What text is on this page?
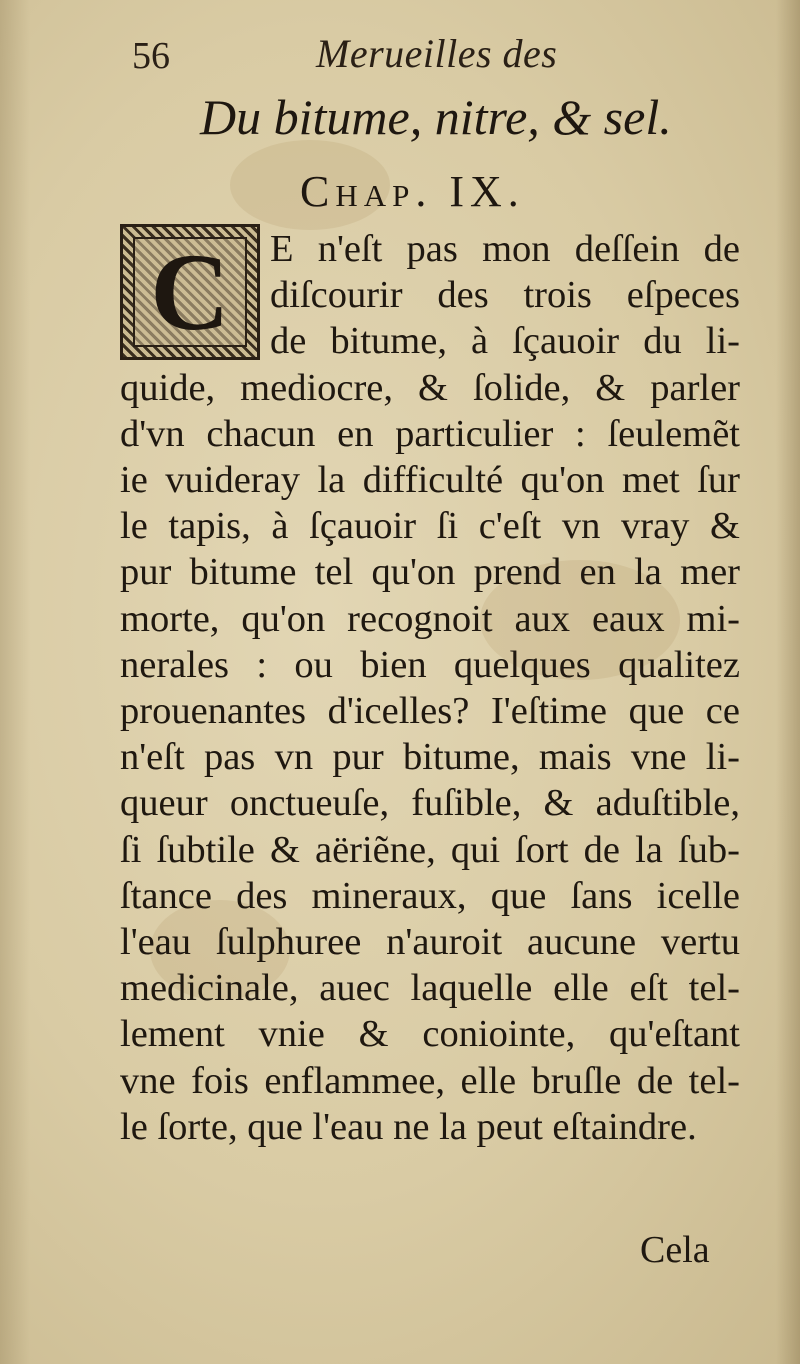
56	Merueilles des
Du bitume, nitre, & sel.
Chap. IX.
C	E n'eſt pas mon deſſein de
diſcourir des trois eſpeces
de bitume, à ſçauoir du li-
quide, mediocre, & ſolide, & parler
d'vn chacun en particulier : ſeulemẽt
ie vuideray la difficulté qu'on met ſur
le tapis, à ſçauoir ſi c'eſt vn vray &
pur bitume tel qu'on prend en la mer
morte, qu'on recognoit aux eaux mi-
nerales : ou bien quelques qualitez
prouenantes d'icelles? I'eſtime que ce
n'eſt pas vn pur bitume, mais vne li-
queur onctueuſe, fuſible, & aduſtible,
ſi ſubtile & aëriẽne, qui ſort de la ſub-
ſtance des mineraux, que ſans icelle
l'eau ſulphuree n'auroit aucune vertu
medicinale, auec laquelle elle eſt tel-
lement vnie & coniointe, qu'eſtant
vne fois enflammee, elle bruſle de tel-
le ſorte, que l'eau ne la peut eſtaindre.
Cela
